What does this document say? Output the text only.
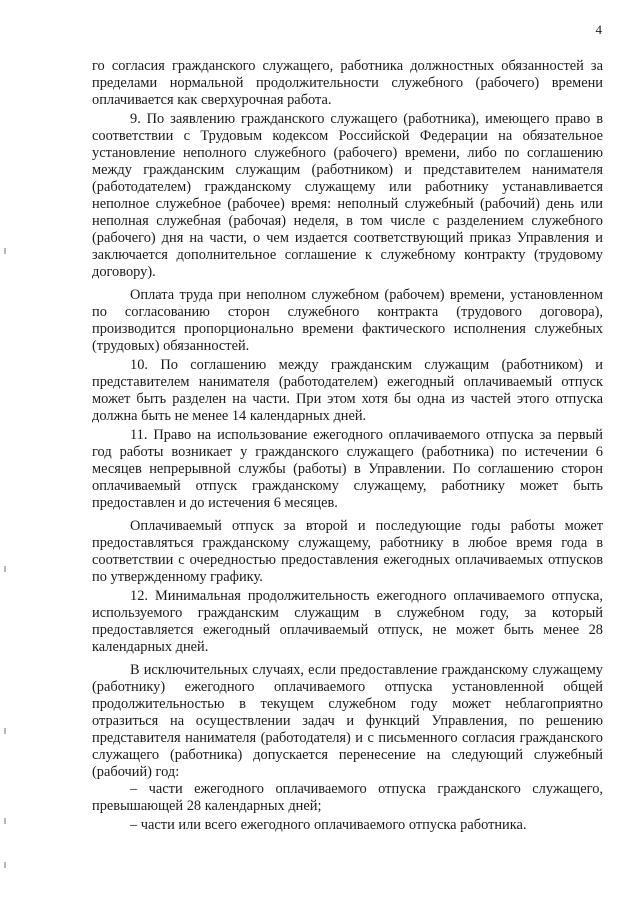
4

го согласия гражданского служащего, работника должностных обязанностей за пределами нормальной продолжительности служебного (рабочего) времени оплачивается как сверхурочная работа.

9. По заявлению гражданского служащего (работника), имеющего право в соответствии с Трудовым кодексом Российской Федерации на обязательное установление неполного служебного (рабочего) времени, либо по соглашению между гражданским служащим (работником) и представителем нанимателя (работодателем) гражданскому служащему или работнику устанавливается неполное служебное (рабочее) время: неполный служебный (рабочий) день или неполная служебная (рабочая) неделя, в том числе с разделением служебного (рабочего) дня на части, о чем издается соответствующий приказ Управления и заключается дополнительное соглашение к служебному контракту (трудовому договору).

Оплата труда при неполном служебном (рабочем) времени, установленном по согласованию сторон служебного контракта (трудового договора), производится пропорционально времени фактического исполнения служебных (трудовых) обязанностей.

10. По соглашению между гражданским служащим (работником) и представителем нанимателя (работодателем) ежегодный оплачиваемый отпуск может быть разделен на части. При этом хотя бы одна из частей этого отпуска должна быть не менее 14 календарных дней.

11. Право на использование ежегодного оплачиваемого отпуска за первый год работы возникает у гражданского служащего (работника) по истечении 6 месяцев непрерывной службы (работы) в Управлении. По соглашению сторон оплачиваемый отпуск гражданскому служащему, работнику может быть предоставлен и до истечения 6 месяцев.

Оплачиваемый отпуск за второй и последующие годы работы может предоставляться гражданскому служащему, работнику в любое время года в соответствии с очередностью предоставления ежегодных оплачиваемых отпусков по утвержденному графику.

12. Минимальная продолжительность ежегодного оплачиваемого отпуска, используемого гражданским служащим в служебном году, за который предоставляется ежегодный оплачиваемый отпуск, не может быть менее 28 календарных дней.

В исключительных случаях, если предоставление гражданскому служащему (работнику) ежегодного оплачиваемого отпуска установленной общей продолжительностью в текущем служебном году может неблагоприятно отразиться на осуществлении задач и функций Управления, по решению представителя нанимателя (работодателя) и с письменного согласия гражданского служащего (работника) допускается перенесение на следующий служебный (рабочий) год:

– части ежегодного оплачиваемого отпуска гражданского служащего, превышающей 28 календарных дней;

– части или всего ежегодного оплачиваемого отпуска работника.
